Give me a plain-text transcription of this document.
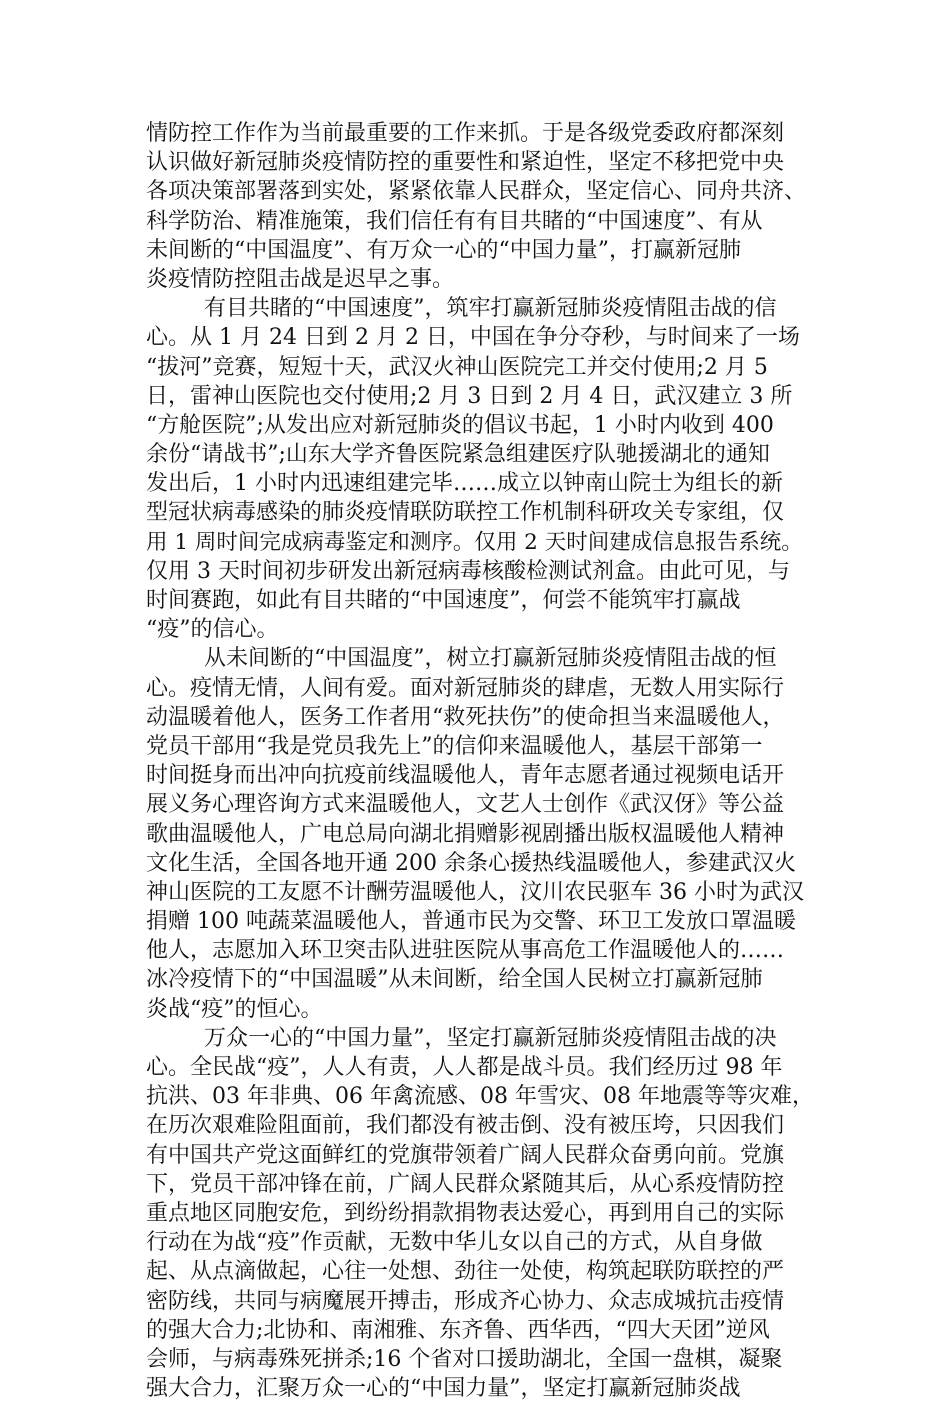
情防控工作作为当前最重要的工作来抓。于是各级党委政府都深刻
认识做好新冠肺炎疫情防控的重要性和紧迫性，坚定不移把党中央
各项决策部署落到实处，紧紧依靠人民群众，坚定信心、同舟共济、
科学防治、精准施策，我们信任有有目共睹的“中国速度”、有从
未间断的“中国温度”、有万众一心的“中国力量”，打赢新冠肺
炎疫情防控阻击战是迟早之事。
有目共睹的“中国速度”，筑牢打赢新冠肺炎疫情阻击战的信
心。从 1 月 24 日到 2 月 2 日，中国在争分夺秒，与时间来了一场
“拔河”竞赛，短短十天，武汉火神山医院完工并交付使用;2 月 5
日，雷神山医院也交付使用;2 月 3 日到 2 月 4 日，武汉建立 3 所
“方舱医院”;从发出应对新冠肺炎的倡议书起，1 小时内收到 400
余份“请战书”;山东大学齐鲁医院紧急组建医疗队驰援湖北的通知
发出后，1 小时内迅速组建完毕……成立以钟南山院士为组长的新
型冠状病毒感染的肺炎疫情联防联控工作机制科研攻关专家组，仅
用 1 周时间完成病毒鉴定和测序。仅用 2 天时间建成信息报告系统。
仅用 3 天时间初步研发出新冠病毒核酸检测试剂盒。由此可见，与
时间赛跑，如此有目共睹的“中国速度”，何尝不能筑牢打赢战
“疫”的信心。
从未间断的“中国温度”，树立打赢新冠肺炎疫情阻击战的恒
心。疫情无情，人间有爱。面对新冠肺炎的肆虐，无数人用实际行
动温暖着他人，医务工作者用“救死扶伤”的使命担当来温暖他人，
党员干部用“我是党员我先上”的信仰来温暖他人，基层干部第一
时间挺身而出冲向抗疫前线温暖他人，青年志愿者通过视频电话开
展义务心理咨询方式来温暖他人，文艺人士创作《武汉伢》等公益
歌曲温暖他人，广电总局向湖北捐赠影视剧播出版权温暖他人精神
文化生活，全国各地开通 200 余条心援热线温暖他人，参建武汉火
神山医院的工友愿不计酬劳温暖他人，汶川农民驱车 36 小时为武汉
捐赠 100 吨蔬菜温暖他人，普通市民为交警、环卫工发放口罩温暖
他人，志愿加入环卫突击队进驻医院从事高危工作温暖他人的……
冰冷疫情下的“中国温暖”从未间断，给全国人民树立打赢新冠肺
炎战“疫”的恒心。
万众一心的“中国力量”，坚定打赢新冠肺炎疫情阻击战的决
心。全民战“疫”，人人有责，人人都是战斗员。我们经历过 98 年
抗洪、03 年非典、06 年禽流感、08 年雪灾、08 年地震等等灾难，
在历次艰难险阻面前，我们都没有被击倒、没有被压垮，只因我们
有中国共产党这面鲜红的党旗带领着广阔人民群众奋勇向前。党旗
下，党员干部冲锋在前，广阔人民群众紧随其后，从心系疫情防控
重点地区同胞安危，到纷纷捐款捐物表达爱心，再到用自己的实际
行动在为战“疫”作贡献，无数中华儿女以自己的方式，从自身做
起、从点滴做起，心往一处想、劲往一处使，构筑起联防联控的严
密防线，共同与病魔展开搏击，形成齐心协力、众志成城抗击疫情
的强大合力;北协和、南湘雅、东齐鲁、西华西，“四大天团”逆风
会师，与病毒殊死拼杀;16 个省对口援助湖北，全国一盘棋，凝聚
强大合力，汇聚万众一心的“中国力量”，坚定打赢新冠肺炎战
